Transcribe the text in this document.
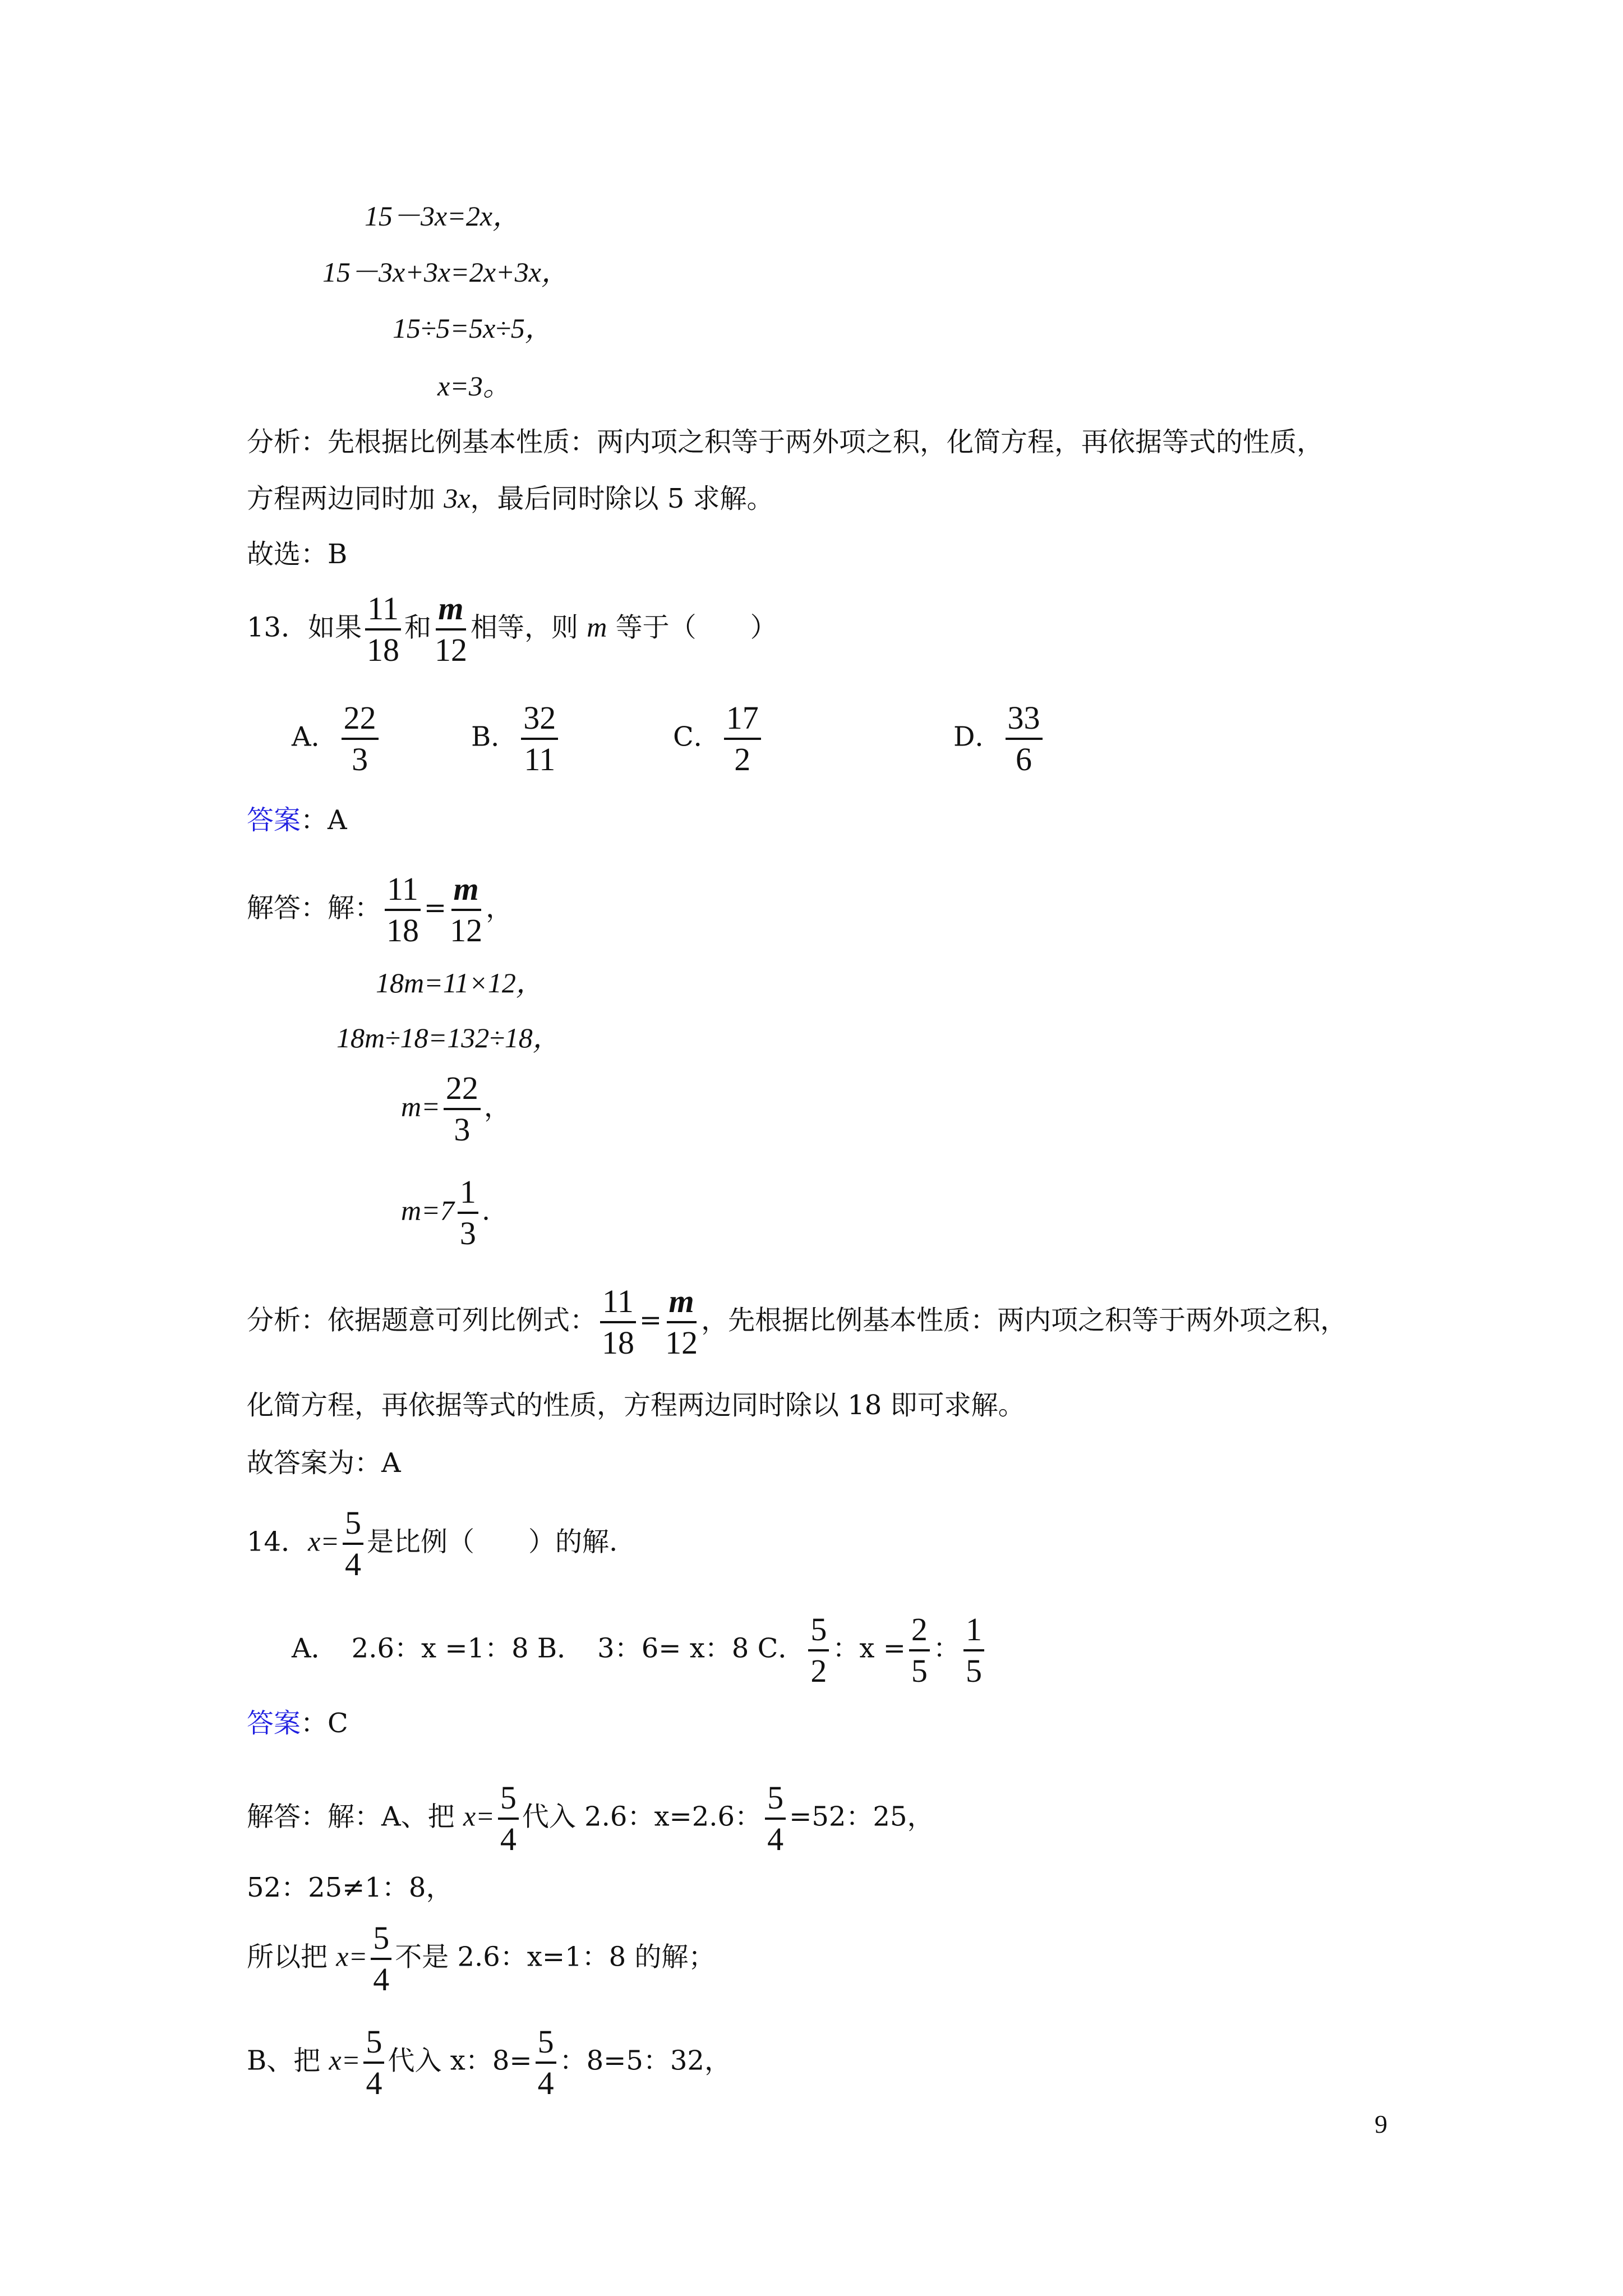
15－3x=2x，
15－3x+3x=2x+3x，
15÷5=5x÷5，
x=3。
分析：先根据比例基本性质：两内项之积等于两外项之积，化简方程，再依据等式的性质，
方程两边同时加 3x，最后同时除以 5 求解。
故选：B
13．如果 $\frac{11}{18}$ 和 $\frac{m}{12}$ 相等，则 m 等于（　　）
A． $\frac{22}{3}$	B． $\frac{32}{11}$	C． $\frac{17}{2}$	D． $\frac{33}{6}$
答案：A
解答：解： $\frac{11}{18} = \frac{m}{12}$ ，
18m=11×12，
18m÷18=132÷18，
$m= \frac{22}{3}$ ，
$m=7 \frac{1}{3}$ .
分析：依据题意可列比例式： $\frac{11}{18} = \frac{m}{12}$ ，先根据比例基本性质：两内项之积等于两外项之积，
化简方程，再依据等式的性质，方程两边同时除以 18 即可求解。
故答案为：A
14．$x= \frac{5}{4}$ 是比例（　　）的解.
A．　2.6：x =1：8 B．　3：6= x：8 C． $\frac{5}{2}$ ：$x = \frac{2}{5}$ ： $\frac{1}{5}$
答案：C
解答：解：A、把 $x= \frac{5}{4}$ 代入 2.6：x=2.6： $\frac{5}{4} =52$：25，
52：25≠1：8，
所以把 $x= \frac{5}{4}$ 不是 2.6：x=1：8 的解；
B、把 $x= \frac{5}{4}$ 代入 x：$8= \frac{5}{4}$ ：8=5：32，
9
